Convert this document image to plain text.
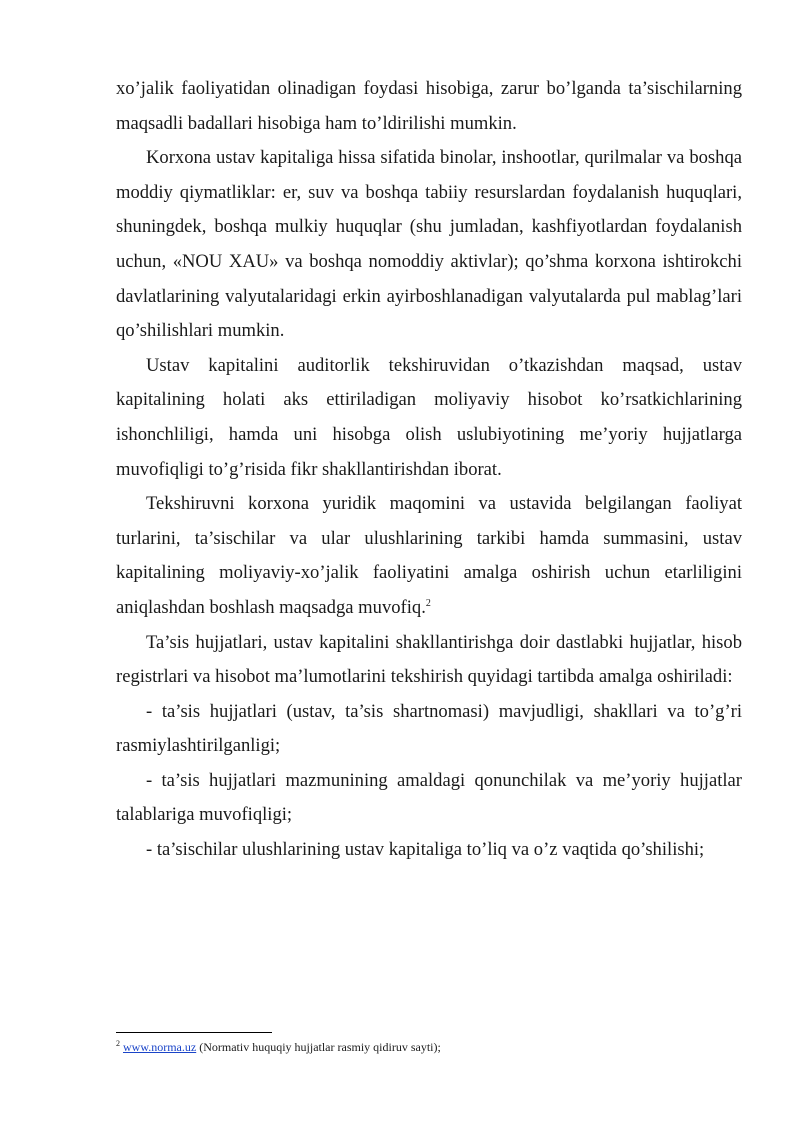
xo’jalik faoliyatidan olinadigan foydasi hisobiga, zarur bo’lganda ta’sischilarning maqsadli badallari hisobiga ham to’ldirilishi mumkin.

Korxona ustav kapitaliga hissa sifatida binolar, inshootlar, qurilmalar va boshqa moddiy qiymatliklar: er, suv va boshqa tabiiy resurslardan foydalanish huquqlari, shuningdek, boshqa mulkiy huquqlar (shu jumladan, kashfiyotlardan foydalanish uchun, «NOU XAU» va boshqa nomoddiy aktivlar); qo’shma korxona ishtirokchi davlatlarining valyutalaridagi erkin ayirboshlanadigan valyutalarda pul mablag’lari qo’shilishlari mumkin.

Ustav kapitalini auditorlik tekshiruvidan o’tkazishdan maqsad, ustav kapitalining holati aks ettiriladigan moliyaviy hisobot ko’rsatkichlarining ishonchliligi, hamda uni hisobga olish uslubiyotining me’yoriy hujjatlarga muvofiqligi to’g’risida fikr shakllantirishdan iborat.

Tekshiruvni korxona yuridik maqomini va ustavida belgilangan faoliyat turlarini, ta’sischilar va ular ulushlarining tarkibi hamda summasini, ustav kapitalining moliyaviy-xo’jalik faoliyatini amalga oshirish uchun etarliligini aniqlashdan boshlash maqsadga muvofiq.$^2$

Ta’sis hujjatlari, ustav kapitalini shakllantirishga doir dastlabki hujjatlar, hisob registrlari va hisobot ma’lumotlarini tekshirish quyidagi tartibda amalga oshiriladi:

- ta’sis hujjatlari (ustav, ta’sis shartnomasi) mavjudligi, shakllari va to’g’ri rasmiylashtirilganligi;

- ta’sis hujjatlari mazmunining amaldagi qonunchilak va me’yoriy hujjatlar talablariga muvofiqligi;

- ta’sischilar ulushlarining ustav kapitaliga to’liq va o’z vaqtida qo’shilishi;

$^2$ www.norma.uz (Normativ huquqiy hujjatlar rasmiy qidiruv sayti);
